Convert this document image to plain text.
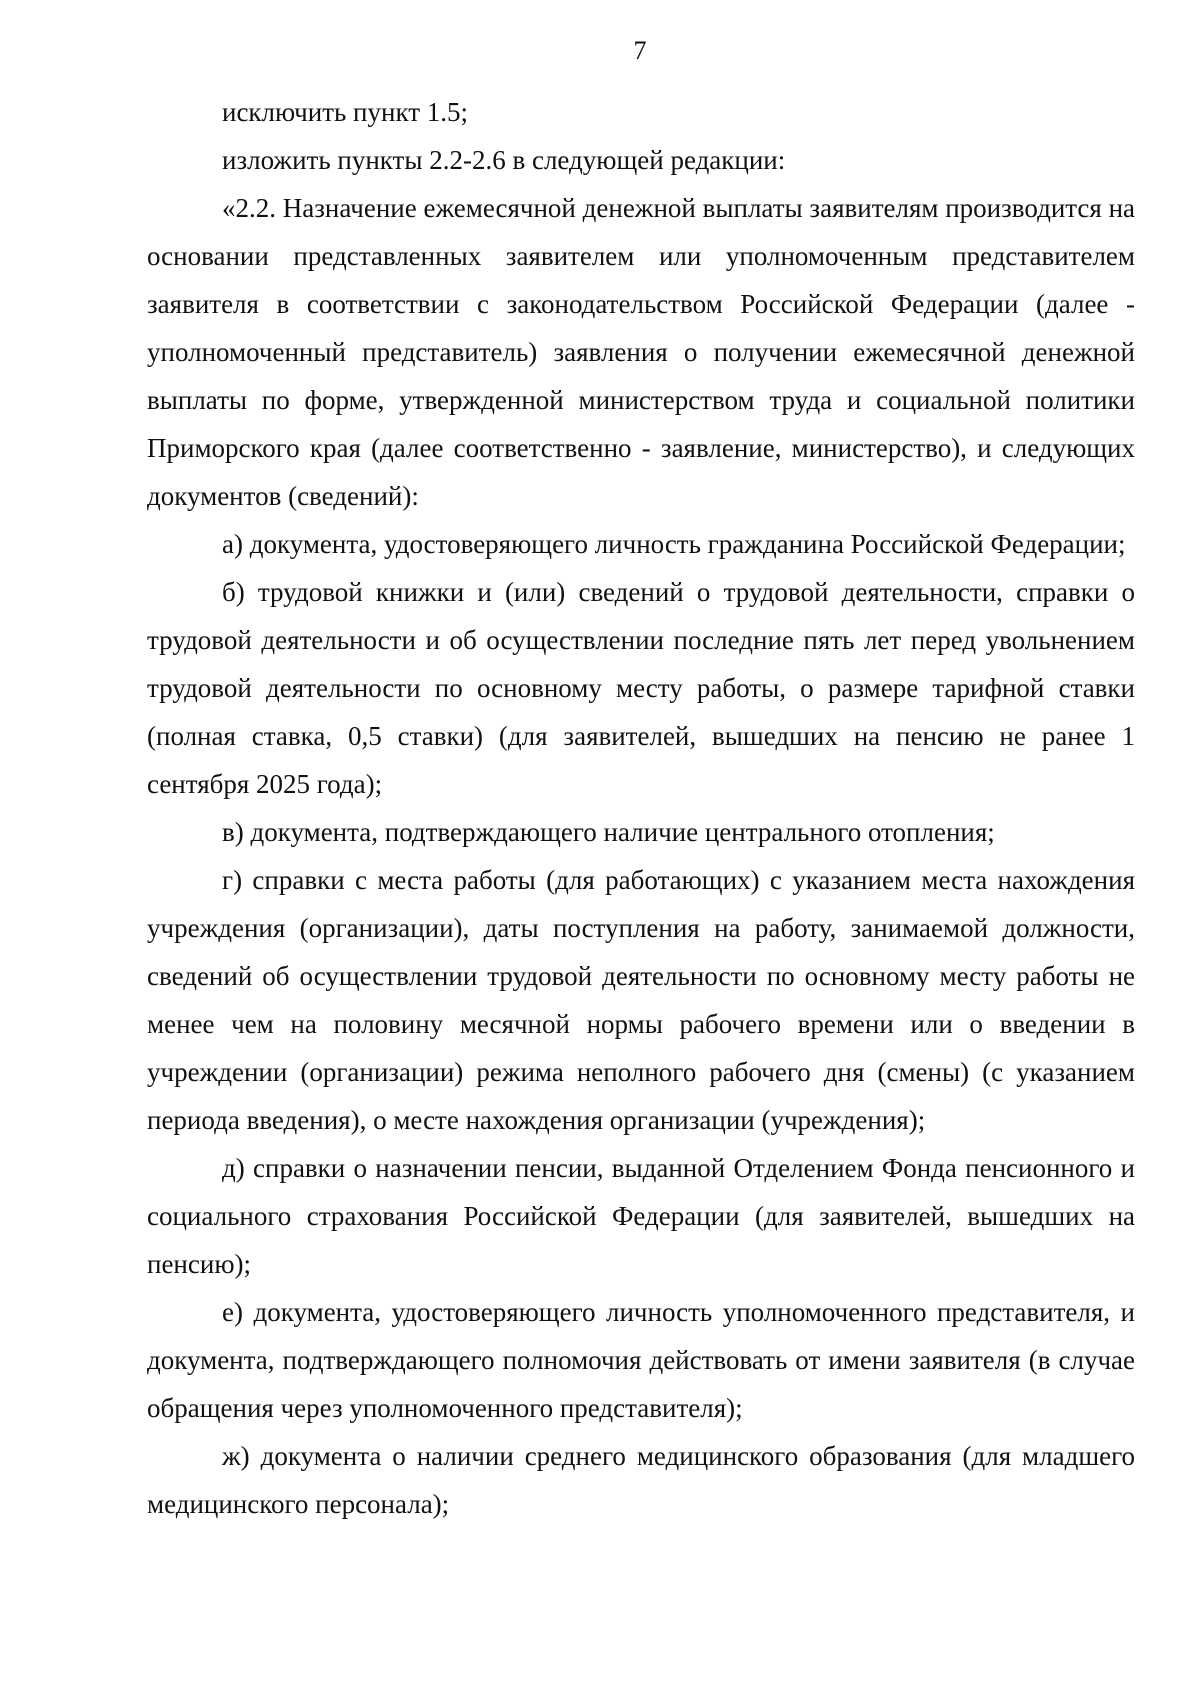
7

исключить пункт 1.5;

изложить пункты 2.2-2.6 в следующей редакции:

«2.2. Назначение ежемесячной денежной выплаты заявителям производится на основании представленных заявителем или уполномоченным представителем заявителя в соответствии с законодательством Российской Федерации (далее - уполномоченный представитель) заявления о получении ежемесячной денежной выплаты по форме, утвержденной министерством труда и социальной политики Приморского края (далее соответственно - заявление, министерство), и следующих документов (сведений):

а) документа, удостоверяющего личность гражданина Российской Федерации;

б) трудовой книжки и (или) сведений о трудовой деятельности, справки о трудовой деятельности и об осуществлении последние пять лет перед увольнением трудовой деятельности по основному месту работы, о размере тарифной ставки (полная ставка, 0,5 ставки) (для заявителей, вышедших на пенсию не ранее 1 сентября 2025 года);

в) документа, подтверждающего наличие центрального отопления;

г) справки с места работы (для работающих) с указанием места нахождения учреждения (организации), даты поступления на работу, занимаемой должности, сведений об осуществлении трудовой деятельности по основному месту работы не менее чем на половину месячной нормы рабочего времени или о введении в учреждении (организации) режима неполного рабочего дня (смены) (с указанием периода введения), о месте нахождения организации (учреждения);

д) справки о назначении пенсии, выданной Отделением Фонда пенсионного и социального страхования Российской Федерации (для заявителей, вышедших на пенсию);

е) документа, удостоверяющего личность уполномоченного представителя, и документа, подтверждающего полномочия действовать от имени заявителя (в случае обращения через уполномоченного представителя);

ж) документа о наличии среднего медицинского образования (для младшего медицинского персонала);
